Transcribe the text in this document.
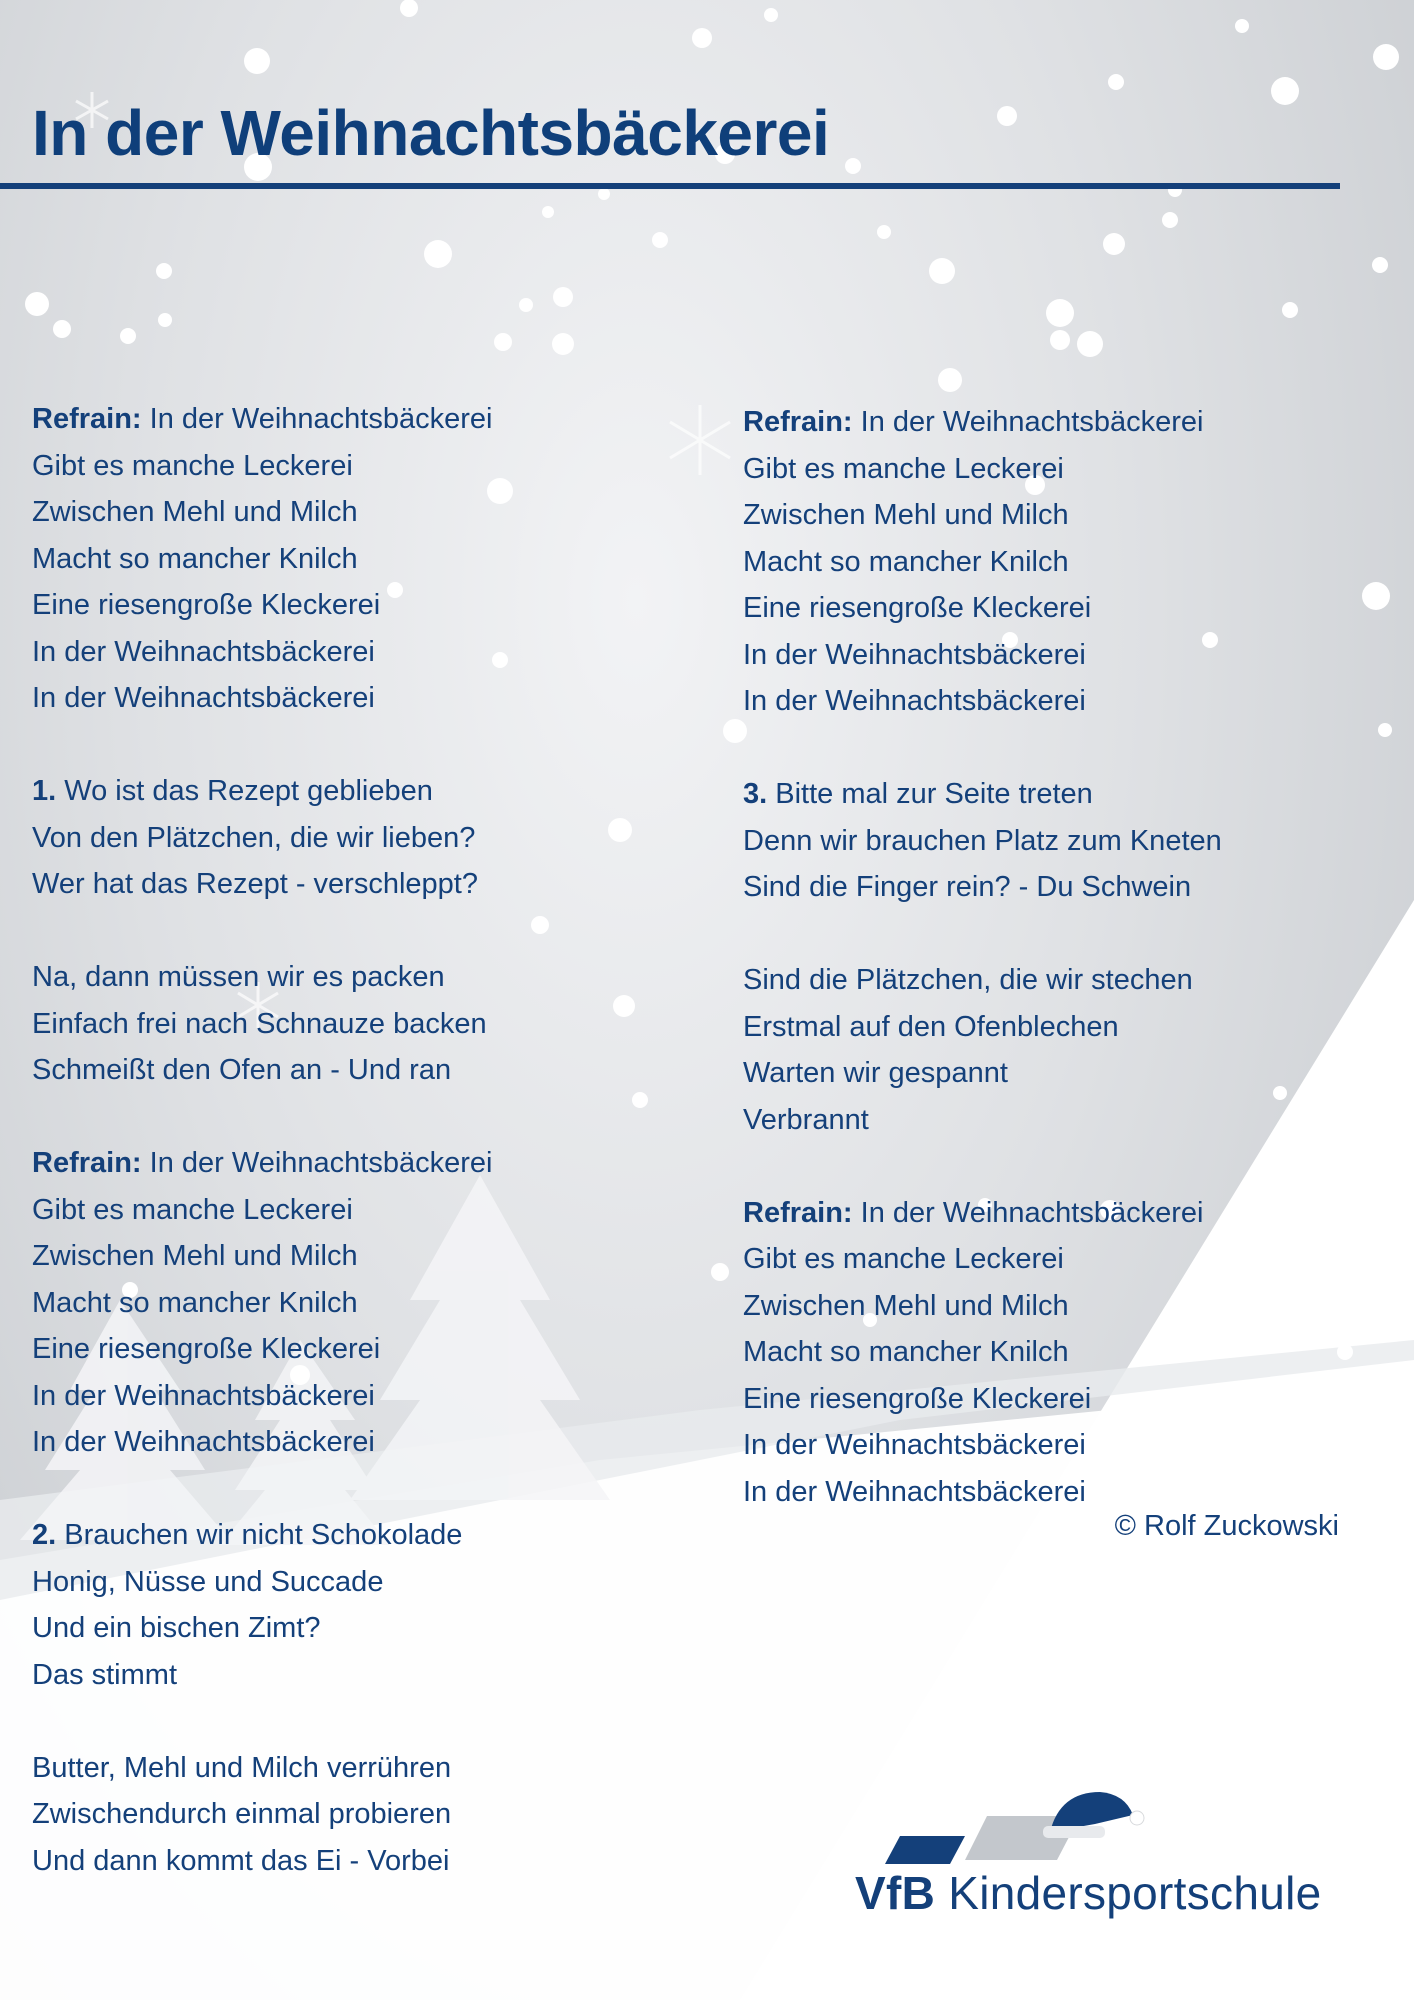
In der Weihnachtsbäckerei
Refrain: In der Weihnachtsbäckerei
Gibt es manche Leckerei
Zwischen Mehl und Milch
Macht so mancher Knilch
Eine riesengroße Kleckerei
In der Weihnachtsbäckerei
In der Weihnachtsbäckerei
1. Wo ist das Rezept geblieben
Von den Plätzchen, die wir lieben?
Wer hat das Rezept - verschleppt?
Na, dann müssen wir es packen
Einfach frei nach Schnauze backen
Schmeißt den Ofen an - Und ran
Refrain: In der Weihnachtsbäckerei
Gibt es manche Leckerei
Zwischen Mehl und Milch
Macht so mancher Knilch
Eine riesengroße Kleckerei
In der Weihnachtsbäckerei
In der Weihnachtsbäckerei
2. Brauchen wir nicht Schokolade
Honig, Nüsse und Succade
Und ein bischen Zimt?
Das stimmt
Butter, Mehl und Milch verrühren
Zwischendurch einmal probieren
Und dann kommt das Ei - Vorbei
Refrain: In der Weihnachtsbäckerei
Gibt es manche Leckerei
Zwischen Mehl und Milch
Macht so mancher Knilch
Eine riesengroße Kleckerei
In der Weihnachtsbäckerei
In der Weihnachtsbäckerei
3. Bitte mal zur Seite treten
Denn wir brauchen Platz zum Kneten
Sind die Finger rein? - Du Schwein
Sind die Plätzchen, die wir stechen
Erstmal auf den Ofenblechen
Warten wir gespannt
Verbrannt
Refrain: In der Weihnachtsbäckerei
Gibt es manche Leckerei
Zwischen Mehl und Milch
Macht so mancher Knilch
Eine riesengroße Kleckerei
In der Weihnachtsbäckerei
In der Weihnachtsbäckerei
© Rolf Zuckowski
VfB Kindersportschule
